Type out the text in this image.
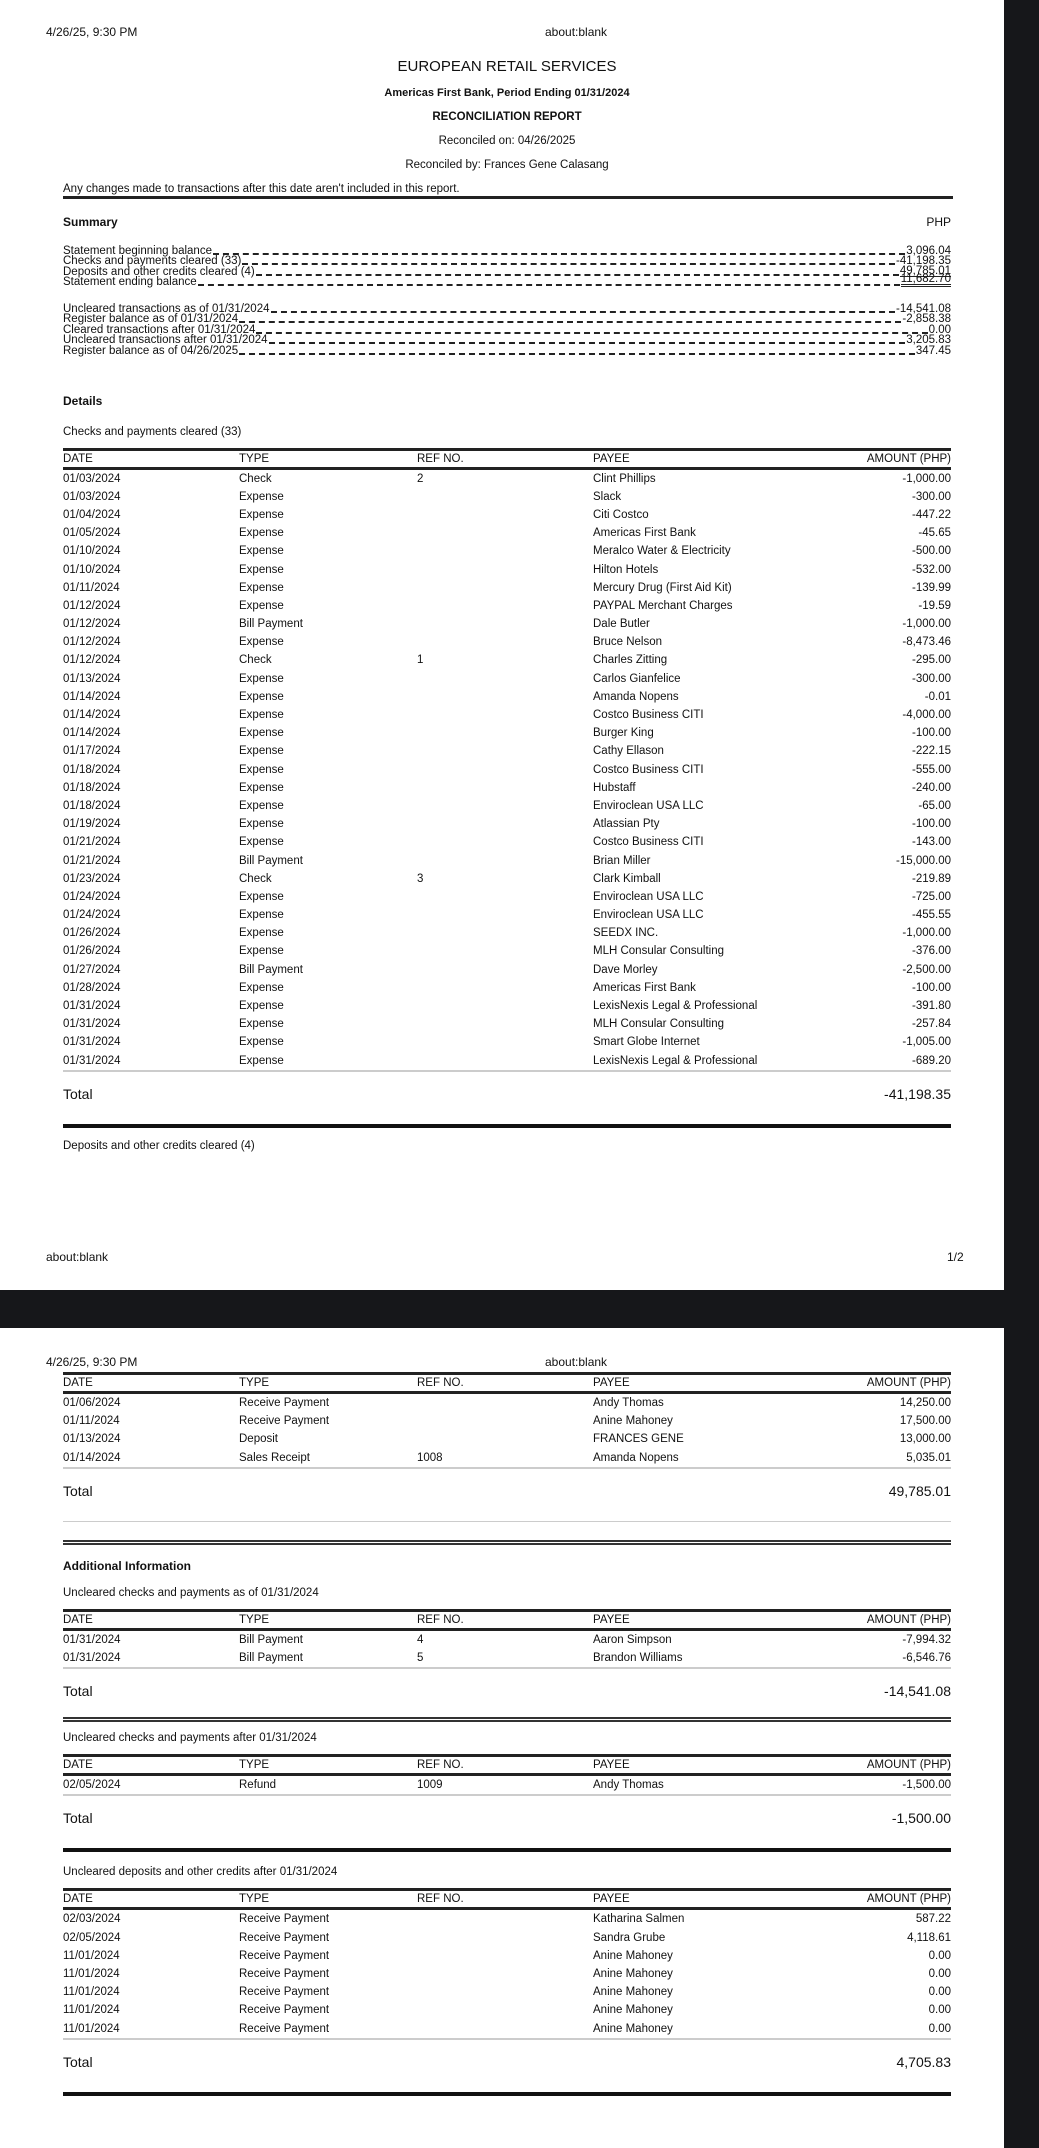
4/26/25, 9:30 PM	about:blank
EUROPEAN RETAIL SERVICES
Americas First Bank, Period Ending 01/31/2024
RECONCILIATION REPORT
Reconciled on: 04/26/2025
Reconciled by: Frances Gene Calasang
Any changes made to transactions after this date aren't included in this report.
Summary	PHP
Statement beginning balance	3,096.04
Checks and payments cleared (33)	-41,198.35
Deposits and other credits cleared (4)	49,785.01
Statement ending balance	11,682.70
Uncleared transactions as of 01/31/2024	-14,541.08
Register balance as of 01/31/2024	-2,858.38
Cleared transactions after 01/31/2024	0.00
Uncleared transactions after 01/31/2024	3,205.83
Register balance as of 04/26/2025	347.45
Details
Checks and payments cleared (33)
DATE	TYPE	REF NO.	PAYEE	AMOUNT (PHP)
01/03/2024	Check	2	Clint Phillips	-1,000.00
01/03/2024	Expense		Slack	-300.00
01/04/2024	Expense		Citi Costco	-447.22
01/05/2024	Expense		Americas First Bank	-45.65
01/10/2024	Expense		Meralco Water & Electricity	-500.00
01/10/2024	Expense		Hilton Hotels	-532.00
01/11/2024	Expense		Mercury Drug (First Aid Kit)	-139.99
01/12/2024	Expense		PAYPAL Merchant Charges	-19.59
01/12/2024	Bill Payment		Dale Butler	-1,000.00
01/12/2024	Expense		Bruce Nelson	-8,473.46
01/12/2024	Check	1	Charles Zitting	-295.00
01/13/2024	Expense		Carlos Gianfelice	-300.00
01/14/2024	Expense		Amanda Nopens	-0.01
01/14/2024	Expense		Costco Business CITI	-4,000.00
01/14/2024	Expense		Burger King	-100.00
01/17/2024	Expense		Cathy Ellason	-222.15
01/18/2024	Expense		Costco Business CITI	-555.00
01/18/2024	Expense		Hubstaff	-240.00
01/18/2024	Expense		Enviroclean USA LLC	-65.00
01/19/2024	Expense		Atlassian Pty	-100.00
01/21/2024	Expense		Costco Business CITI	-143.00
01/21/2024	Bill Payment		Brian Miller	-15,000.00
01/23/2024	Check	3	Clark Kimball	-219.89
01/24/2024	Expense		Enviroclean USA LLC	-725.00
01/24/2024	Expense		Enviroclean USA LLC	-455.55
01/26/2024	Expense		SEEDX INC.	-1,000.00
01/26/2024	Expense		MLH Consular Consulting	-376.00
01/27/2024	Bill Payment		Dave Morley	-2,500.00
01/28/2024	Expense		Americas First Bank	-100.00
01/31/2024	Expense		LexisNexis Legal & Professional	-391.80
01/31/2024	Expense		MLH Consular Consulting	-257.84
01/31/2024	Expense		Smart Globe Internet	-1,005.00
01/31/2024	Expense		LexisNexis Legal & Professional	-689.20
Total	-41,198.35
Deposits and other credits cleared (4)
about:blank	1/2
4/26/25, 9:30 PM	about:blank
DATE	TYPE	REF NO.	PAYEE	AMOUNT (PHP)
01/06/2024	Receive Payment		Andy Thomas	14,250.00
01/11/2024	Receive Payment		Anine Mahoney	17,500.00
01/13/2024	Deposit		FRANCES GENE	13,000.00
01/14/2024	Sales Receipt	1008	Amanda Nopens	5,035.01
Total	49,785.01
Additional Information
Uncleared checks and payments as of 01/31/2024
DATE	TYPE	REF NO.	PAYEE	AMOUNT (PHP)
01/31/2024	Bill Payment	4	Aaron Simpson	-7,994.32
01/31/2024	Bill Payment	5	Brandon Williams	-6,546.76
Total	-14,541.08
Uncleared checks and payments after 01/31/2024
DATE	TYPE	REF NO.	PAYEE	AMOUNT (PHP)
02/05/2024	Refund	1009	Andy Thomas	-1,500.00
Total	-1,500.00
Uncleared deposits and other credits after 01/31/2024
DATE	TYPE	REF NO.	PAYEE	AMOUNT (PHP)
02/03/2024	Receive Payment		Katharina Salmen	587.22
02/05/2024	Receive Payment		Sandra Grube	4,118.61
11/01/2024	Receive Payment		Anine Mahoney	0.00
11/01/2024	Receive Payment		Anine Mahoney	0.00
11/01/2024	Receive Payment		Anine Mahoney	0.00
11/01/2024	Receive Payment		Anine Mahoney	0.00
11/01/2024	Receive Payment		Anine Mahoney	0.00
Total	4,705.83
